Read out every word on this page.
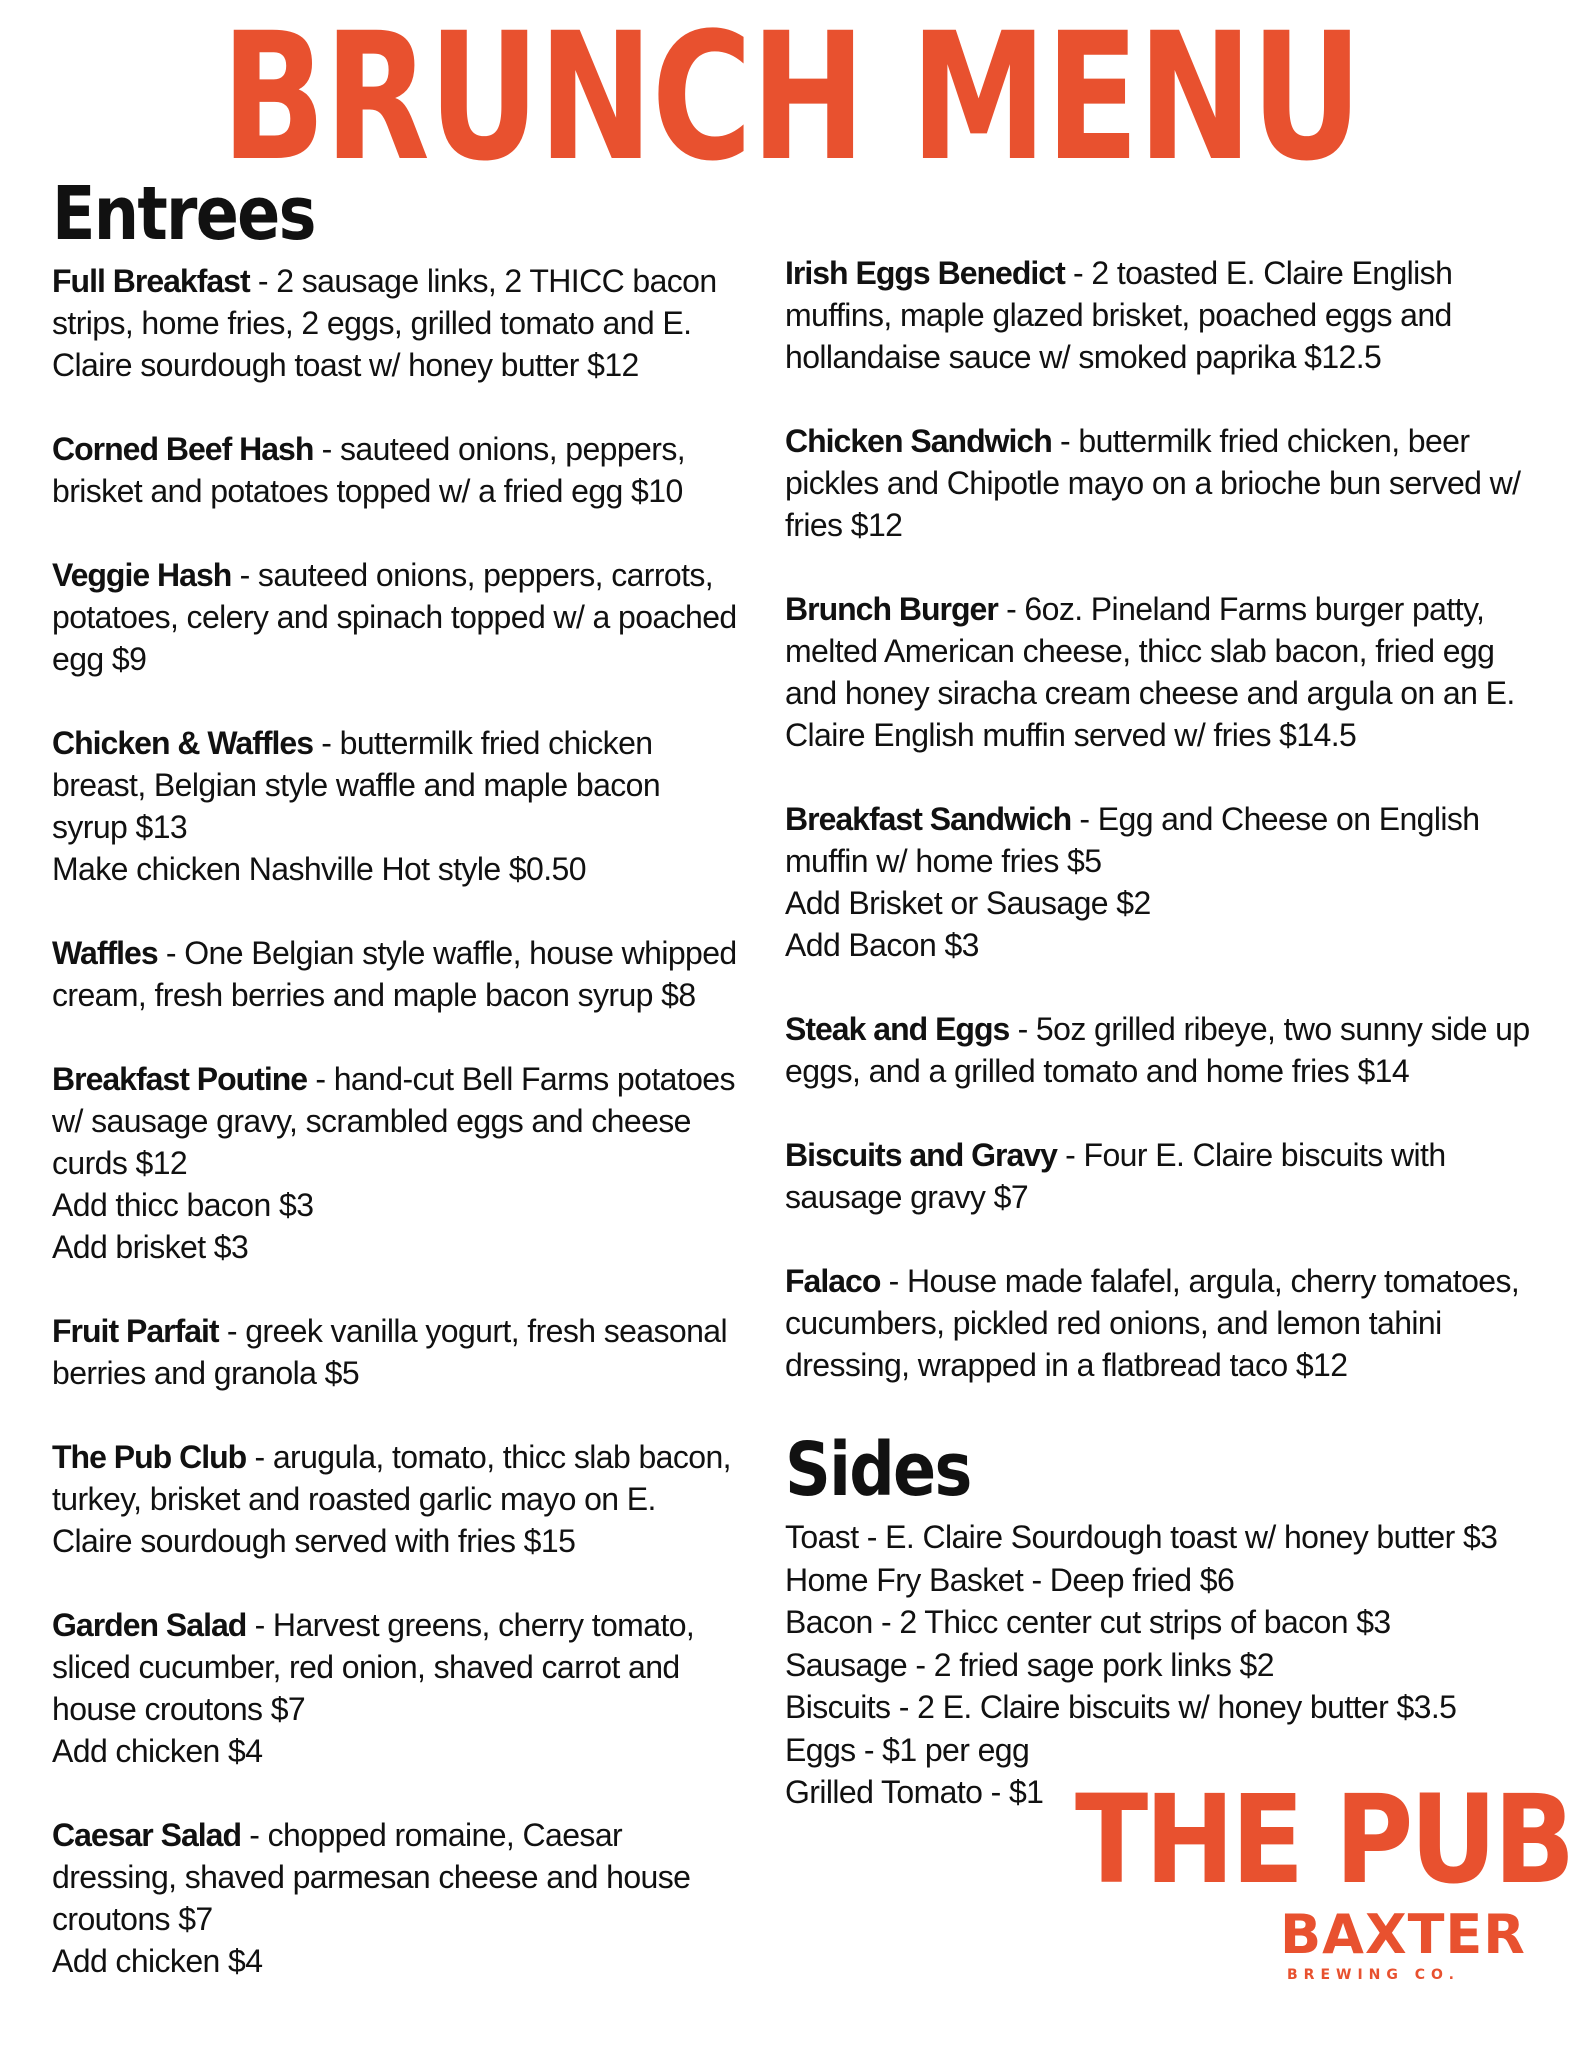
BRUNCH MENU
Entrees
Full Breakfast - 2 sausage links, 2 THICC bacon
strips, home fries, 2 eggs, grilled tomato and E.
Claire sourdough toast w/ honey butter $12
Corned Beef Hash - sauteed onions, peppers,
brisket and potatoes topped w/ a fried egg $10
Veggie Hash - sauteed onions, peppers, carrots,
potatoes, celery and spinach topped w/ a poached
egg $9
Chicken & Waffles - buttermilk fried chicken
breast, Belgian style waffle and maple bacon
syrup $13
Make chicken Nashville Hot style $0.50
Waffles - One Belgian style waffle, house whipped
cream, fresh berries and maple bacon syrup $8
Breakfast Poutine - hand-cut Bell Farms potatoes
w/ sausage gravy, scrambled eggs and cheese
curds $12
Add thicc bacon $3
Add brisket $3
Fruit Parfait - greek vanilla yogurt, fresh seasonal
berries and granola $5
The Pub Club - arugula, tomato, thicc slab bacon,
turkey, brisket and roasted garlic mayo on E.
Claire sourdough served with fries $15
Garden Salad - Harvest greens, cherry tomato,
sliced cucumber, red onion, shaved carrot and
house croutons $7
Add chicken $4
Caesar Salad - chopped romaine, Caesar
dressing, shaved parmesan cheese and house
croutons $7
Add chicken $4
Irish Eggs Benedict - 2 toasted E. Claire English
muffins, maple glazed brisket, poached eggs and
hollandaise sauce w/ smoked paprika $12.5
Chicken Sandwich - buttermilk fried chicken, beer
pickles and Chipotle mayo on a brioche bun served w/
fries $12
Brunch Burger - 6oz. Pineland Farms burger patty,
melted American cheese, thicc slab bacon, fried egg
and honey siracha cream cheese and argula on an E.
Claire English muffin served w/ fries $14.5
Breakfast Sandwich - Egg and Cheese on English
muffin w/ home fries $5
Add Brisket or Sausage $2
Add Bacon $3
Steak and Eggs - 5oz grilled ribeye, two sunny side up
eggs, and a grilled tomato and home fries $14
Biscuits and Gravy - Four E. Claire biscuits with
sausage gravy $7
Falaco - House made falafel, argula, cherry tomatoes,
cucumbers, pickled red onions, and lemon tahini
dressing, wrapped in a flatbread taco $12
Sides
Toast - E. Claire Sourdough toast w/ honey butter $3
Home Fry Basket - Deep fried $6
Bacon - 2 Thicc center cut strips of bacon $3
Sausage - 2 fried sage pork links $2
Biscuits - 2 E. Claire biscuits w/ honey butter $3.5
Eggs - $1 per egg
Grilled Tomato - $1 THE PUB
BAXTER
BREWING CO.
